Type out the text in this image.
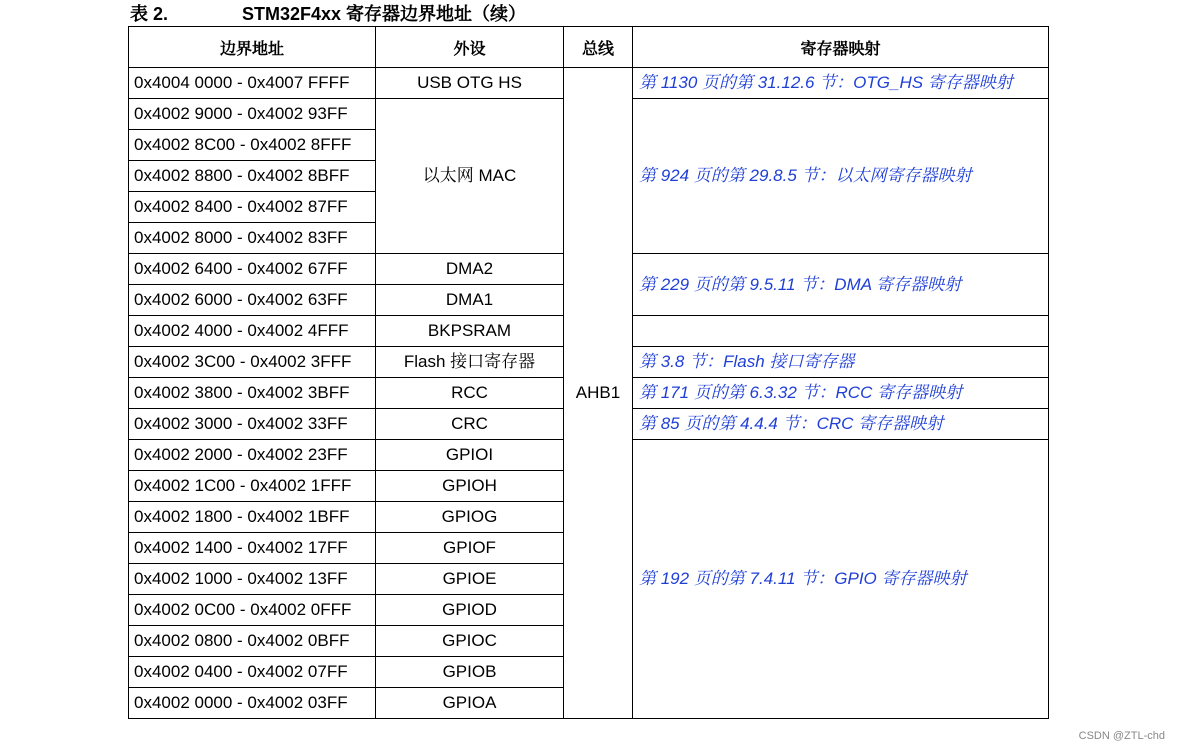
表 2.	STM32F4xx 寄存器边界地址（续）
边界地址	外设	总线	寄存器映射
0x4004 0000 - 0x4007 FFFF	USB OTG HS	AHB1	第 1130 页的第 31.12.6 节：OTG_HS 寄存器映射
0x4002 9000 - 0x4002 93FF	以太网 MAC		第 924 页的第 29.8.5 节：以太网寄存器映射
0x4002 8C00 - 0x4002 8FFF			
0x4002 8800 - 0x4002 8BFF			
0x4002 8400 - 0x4002 87FF			
0x4002 8000 - 0x4002 83FF			
0x4002 6400 - 0x4002 67FF	DMA2		第 229 页的第 9.5.11 节：DMA 寄存器映射
0x4002 6000 - 0x4002 63FF	DMA1		
0x4002 4000 - 0x4002 4FFF	BKPSRAM		
0x4002 3C00 - 0x4002 3FFF	Flash 接口寄存器		第 3.8 节：Flash 接口寄存器
0x4002 3800 - 0x4002 3BFF	RCC		第 171 页的第 6.3.32 节：RCC 寄存器映射
0x4002 3000 - 0x4002 33FF	CRC		第 85 页的第 4.4.4 节：CRC 寄存器映射
0x4002 2000 - 0x4002 23FF	GPIOI		第 192 页的第 7.4.11 节：GPIO 寄存器映射
0x4002 1C00 - 0x4002 1FFF	GPIOH		
0x4002 1800 - 0x4002 1BFF	GPIOG		
0x4002 1400 - 0x4002 17FF	GPIOF		
0x4002 1000 - 0x4002 13FF	GPIOE		
0x4002 0C00 - 0x4002 0FFF	GPIOD		
0x4002 0800 - 0x4002 0BFF	GPIOC		
0x4002 0400 - 0x4002 07FF	GPIOB		
0x4002 0000 - 0x4002 03FF	GPIOA		
CSDN @ZTL-chd
